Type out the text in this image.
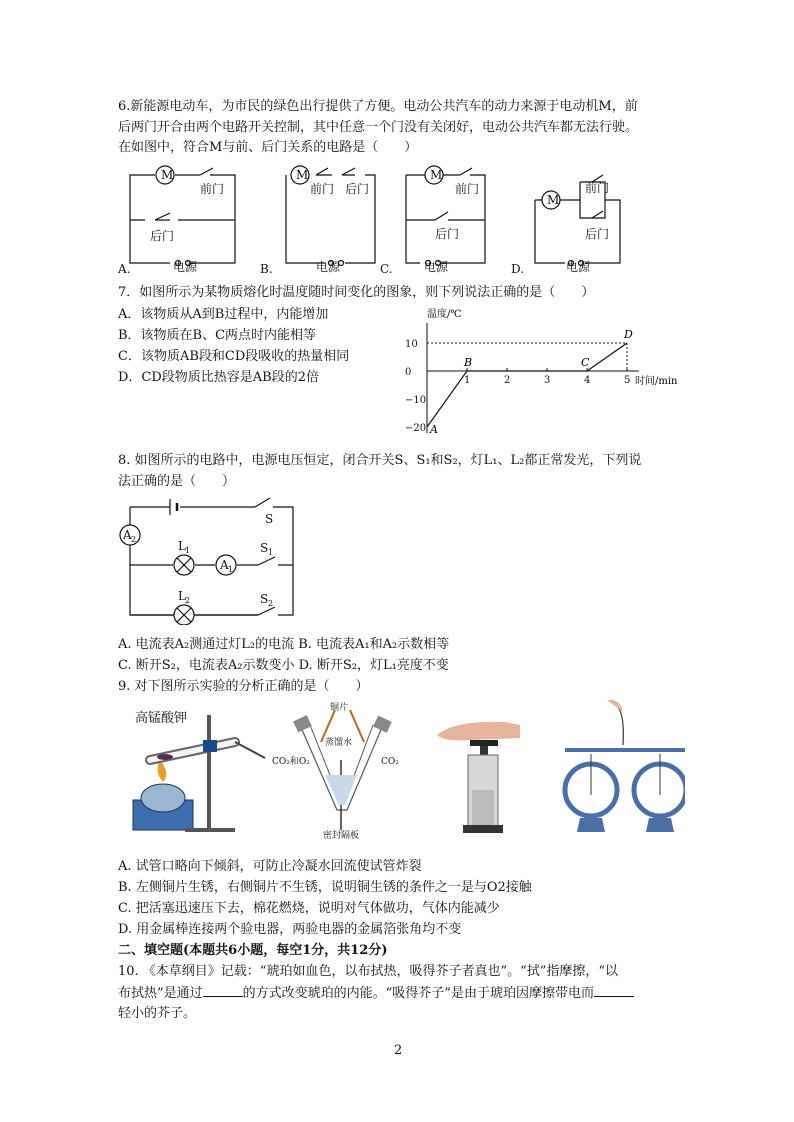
6.新能源电动车，为市民的绿色出行提供了方便。电动公共汽车的动力来源于电动机M，前
后两门开合由两个电路开关控制，其中任意一个门没有关闭好，电动公共汽车都无法行驶。
在如图中，符合M与前、后门关系的电路是（　　）
M	M	M
M
前门
后门
前门 后门	前门
后门
前门
后门
电源	电源	电源	电源
A.	B.	C.	D.
7．如图所示为某物质熔化时温度随时间变化的图象，则下列说法正确的是（　　）
A．该物质从A到B过程中，内能增加
B．该物质在B、C两点时内能相等
C．该物质AB段和CD段吸收的热量相同
D．CD段物质比热容是AB段的2倍	1	2	3	4	5
10
0
−10
−20 A
B	C
D
温度/℃
时间/min
8. 如图所示的电路中，电源电压恒定，闭合开关S、S₁和S₂，灯L₁、L₂都正常发光，下列说
法正确的是（　　）
A 2
A 1
S
S 1
S 2
L 1
L 2
A. 电流表A₂测通过灯L₂的电流 B. 电流表A₁和A₂示数相等
C. 断开S₂，电流表A₂示数变小 D. 断开S₂，灯L₁亮度不变
9. 对下图所示实验的分析正确的是（　　）
高锰酸钾
铜片
蒸馏水
CO₂和O₂	CO₂
密封隔板
A. 试管口略向下倾斜，可防止冷凝水回流使试管炸裂
B. 左侧铜片生锈，右侧铜片不生锈，说明铜生锈的条件之一是与O2接触
C. 把活塞迅速压下去，棉花燃烧，说明对气体做功，气体内能减少
D. 用金属棒连接两个验电器，两验电器的金属箔张角均不变
二、填空题(本题共6小题，每空1分，共12分)
10. 《本草纲目》记载：“琥珀如血色，以布拭热，吸得芥子者真也”。“拭”指摩擦，“以
布拭热”是通过	的方式改变琥珀的内能。“吸得芥子”是由于琥珀因摩擦带电而
轻小的芥子。
2
